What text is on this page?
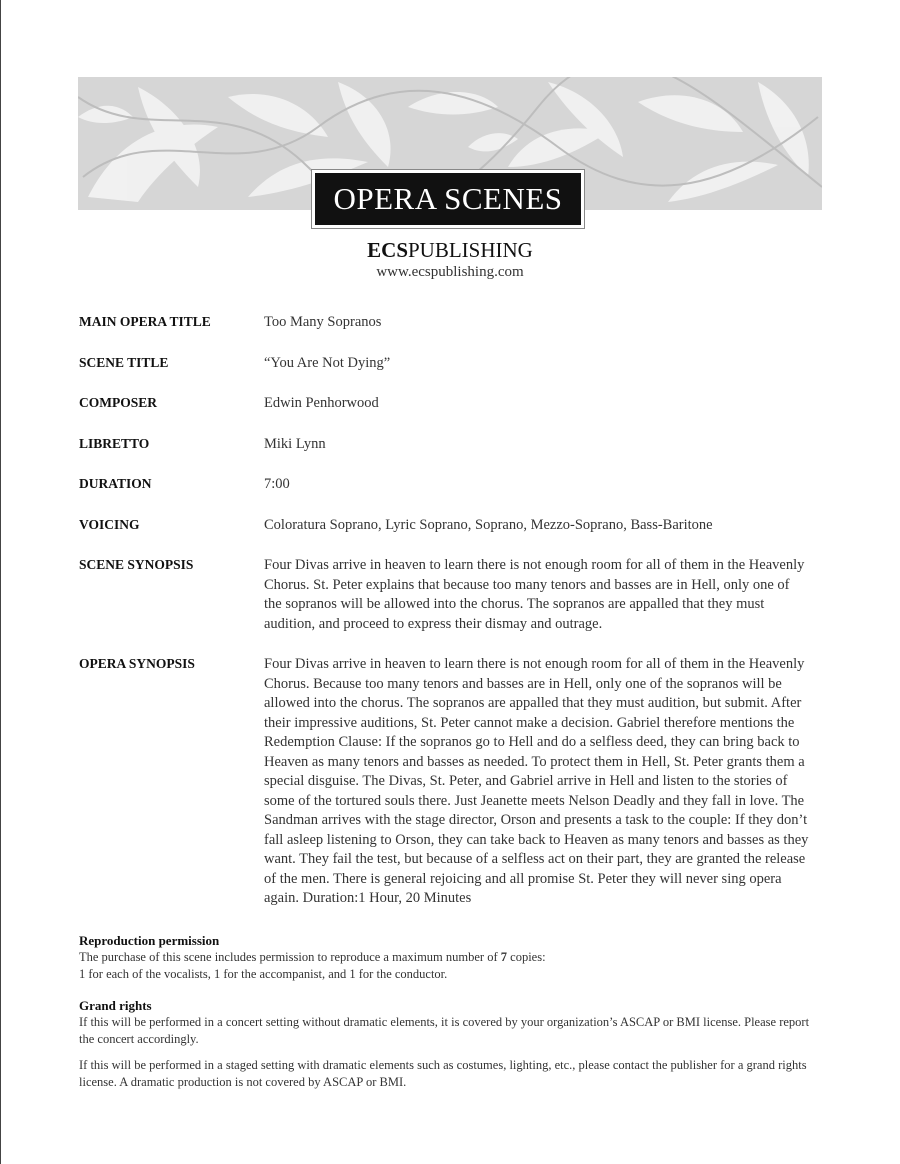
OPERA SCENES
ECSPUBLISHING
www.ecspublishing.com
MAIN OPERA TITLE	Too Many Sopranos
SCENE TITLE	“You Are Not Dying”
COMPOSER	Edwin Penhorwood
LIBRETTO	Miki Lynn
DURATION	7:00
VOICING	Coloratura Soprano, Lyric Soprano, Soprano, Mezzo-Soprano, Bass-Baritone
SCENE SYNOPSIS	Four Divas arrive in heaven to learn there is not enough room for all of them in the Heavenly Chorus. St. Peter explains that because too many tenors and basses are in Hell, only one of the sopranos will be allowed into the chorus. The sopranos are appalled that they must audition, and proceed to express their dismay and outrage.
OPERA SYNOPSIS	Four Divas arrive in heaven to learn there is not enough room for all of them in the Heavenly Chorus. Because too many tenors and basses are in Hell, only one of the sopranos will be allowed into the chorus. The sopranos are appalled that they must audition, but submit. After their impressive auditions, St. Peter cannot make a decision. Gabriel therefore mentions the Redemption Clause: If the sopranos go to Hell and do a selfless deed, they can bring back to Heaven as many tenors and basses as needed. To protect them in Hell, St. Peter grants them a special disguise. The Divas, St. Peter, and Gabriel arrive in Hell and listen to the stories of some of the tortured souls there. Just Jeanette meets Nelson Deadly and they fall in love. The Sandman arrives with the stage director, Orson and presents a task to the couple: If they don’t fall asleep listening to Orson, they can take back to Heaven as many tenors and basses as they want. They fail the test, but because of a selfless act on their part, they are granted the release of the men. There is general rejoicing and all promise St. Peter they will never sing opera again. Duration:1 Hour, 20 Minutes
Reproduction permission

The purchase of this scene includes permission to reproduce a maximum number of 7 copies:

1 for each of the vocalists, 1 for the accompanist, and 1 for the conductor.

Grand rights

If this will be performed in a concert setting without dramatic elements, it is covered by your organization’s ASCAP or BMI license. Please report the concert accordingly.

If this will be performed in a staged setting with dramatic elements such as costumes, lighting, etc., please contact the publisher for a grand rights license. A dramatic production is not covered by ASCAP or BMI.
